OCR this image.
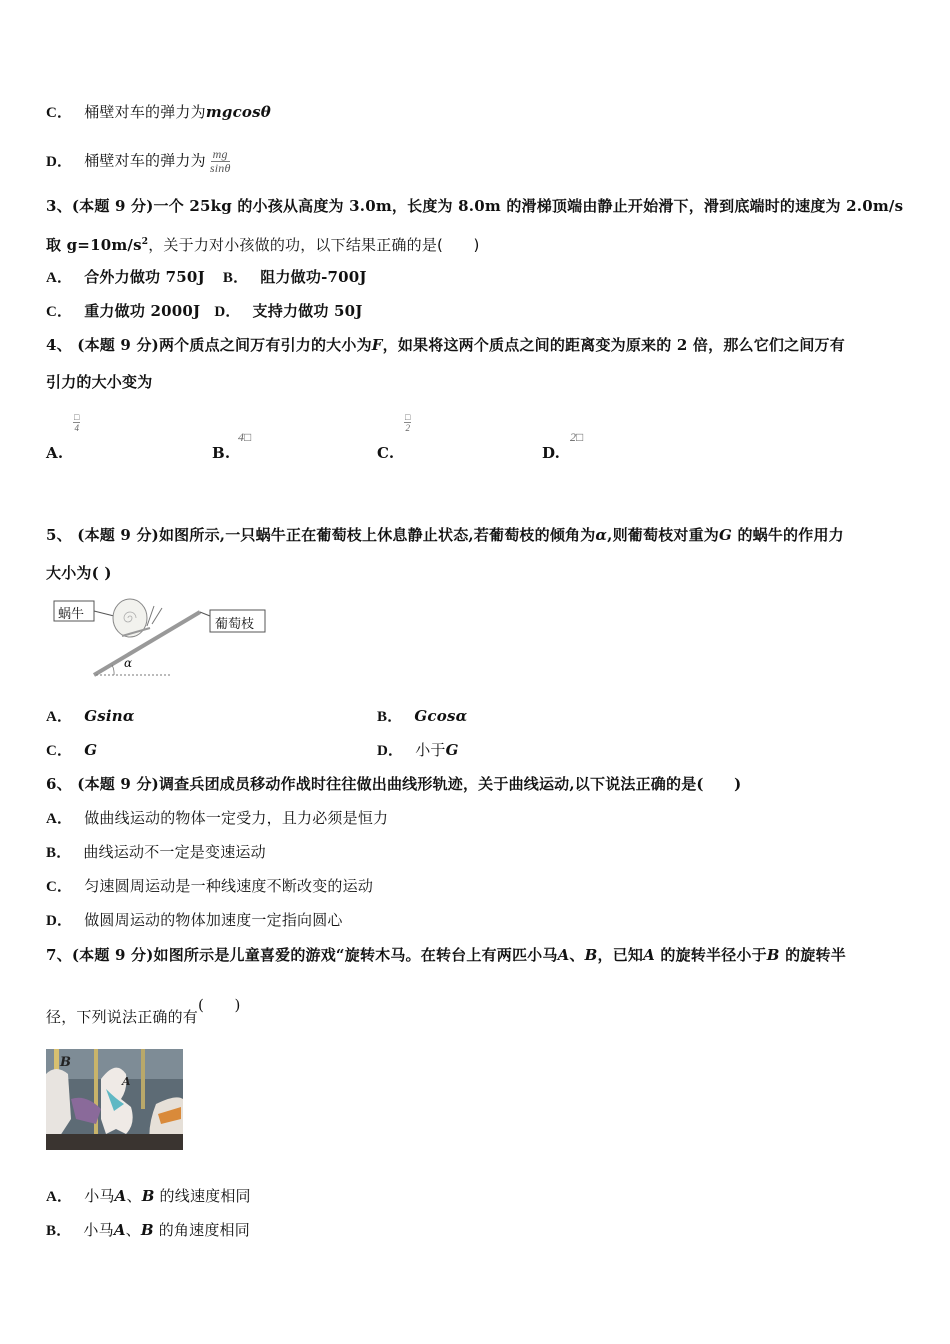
C． 桶壁对车的弹力为mgcosθ
D． 桶壁对车的弹力为 $\frac{mg}{\sin\theta}$
3、(本题 9 分)一个 25kg 的小孩从高度为 3.0m，长度为 8.0m 的滑梯顶端由静止开始滑下，滑到底端时的速度为 2.0m/s
取 $g=10m/s^2$，关于力对小孩做的功，以下结果正确的是(　　)
A． 合外力做功 750J B． 阻力做功-700J
C． 重力做功 2000J D． 支持力做功 50J
4、 (本题 9 分)两个质点之间万有引力的大小为F，如果将这两个质点之间的距离变为原来的 2 倍，那么它们之间万有
引力的大小变为
A.
□
4
B.
4□
C.
□
2
D.
2□
5、 (本题 9 分)如图所示,一只蜗牛正在葡萄枝上休息静止状态,若葡萄枝的倾角为α,则葡萄枝对重为G 的蜗牛的作用力
大小为( )
蜗牛
葡萄枝
α
A． Gsinα	B． Gcosα
C． G	D． 小于G
6、 (本题 9 分)调查兵团成员移动作战时往往做出曲线形轨迹，关于曲线运动,以下说法正确的是(　　)
A． 做曲线运动的物体一定受力，且力必须是恒力
B． 曲线运动不一定是变速运动
C． 匀速圆周运动是一种线速度不断改变的运动
D． 做圆周运动的物体加速度一定指向圆心
7、(本题 9 分)如图所示是儿童喜爱的游戏“旋转木马。在转台上有两匹小马A、B，已知A 的旋转半径小于B 的旋转半
径，下列说法正确的有(　　)
B
A
A． 小马A、B 的线速度相同
B． 小马A、B 的角速度相同
